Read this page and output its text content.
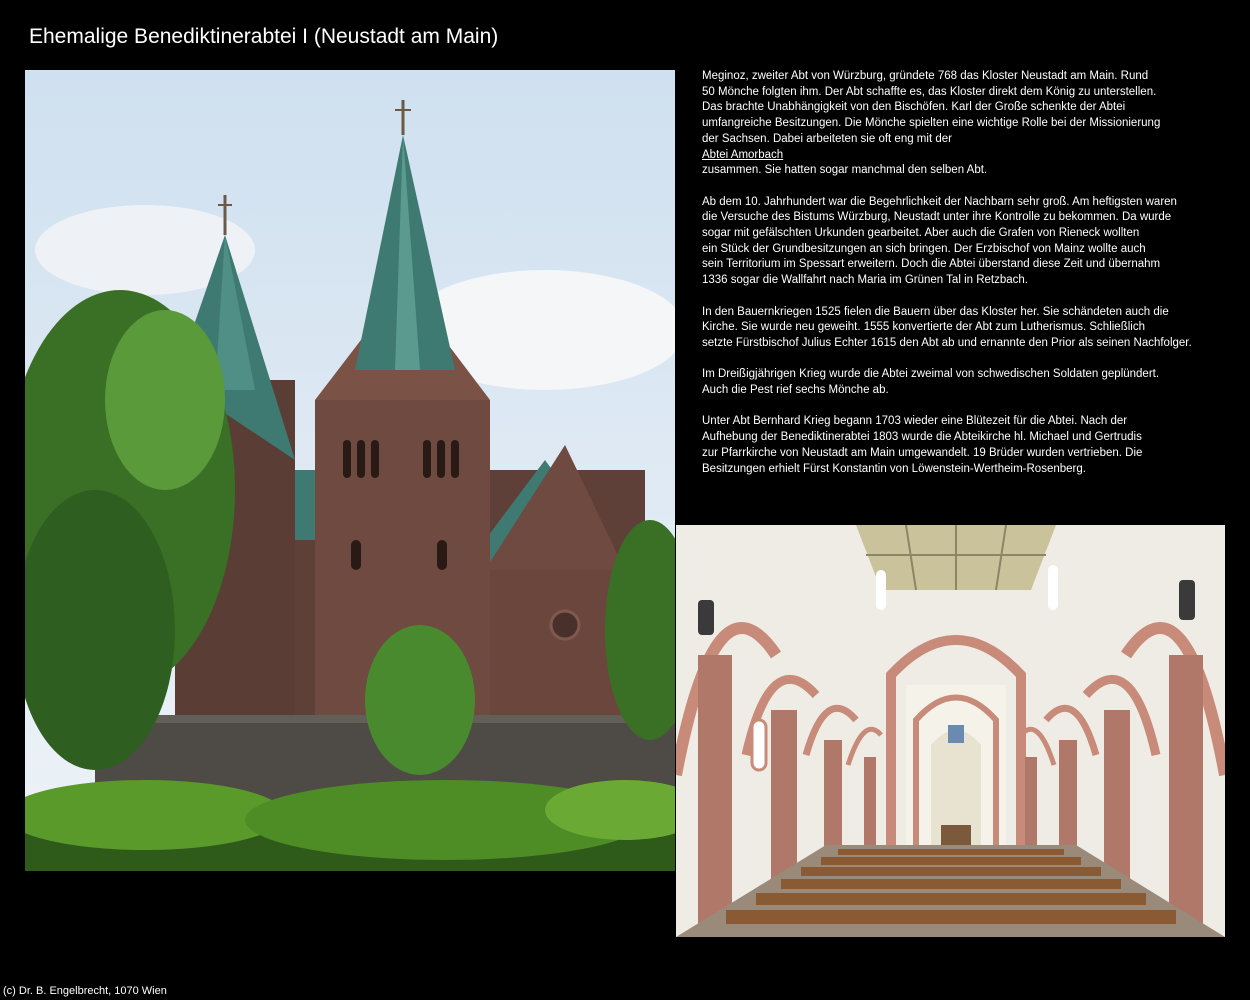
Ehemalige Benediktinerabtei I (Neustadt am Main)

Meginoz, zweiter Abt von Würzburg, gründete 768 das Kloster Neustadt am Main. Rund
50 Mönche folgten ihm. Der Abt schaffte es, das Kloster direkt dem König zu unterstellen.
Das brachte Unabhängigkeit von den Bischöfen. Karl der Große schenkte der Abtei
umfangreiche Besitzungen. Die Mönche spielten eine wichtige Rolle bei der Missionierung
der Sachsen. Dabei arbeiteten sie oft eng mit der
Abtei Amorbach
zusammen. Sie hatten sogar manchmal den selben Abt.

Ab dem 10. Jahrhundert war die Begehrlichkeit der Nachbarn sehr groß. Am heftigsten waren
die Versuche des Bistums Würzburg, Neustadt unter ihre Kontrolle zu bekommen. Da wurde
sogar mit gefälschten Urkunden gearbeitet. Aber auch die Grafen von Rieneck wollten
ein Stück der Grundbesitzungen an sich bringen. Der Erzbischof von Mainz wollte auch
sein Territorium im Spessart erweitern. Doch die Abtei überstand diese Zeit und übernahm
1336 sogar die Wallfahrt nach Maria im Grünen Tal in Retzbach.

In den Bauernkriegen 1525 fielen die Bauern über das Kloster her. Sie schändeten auch die
Kirche. Sie wurde neu geweiht. 1555 konvertierte der Abt zum Lutherismus. Schließlich
setzte Fürstbischof Julius Echter 1615 den Abt ab und ernannte den Prior als seinen Nachfolger.

Im Dreißigjährigen Krieg wurde die Abtei zweimal von schwedischen Soldaten geplündert.
Auch die Pest rief sechs Mönche ab.

Unter Abt Bernhard Krieg begann 1703 wieder eine Blütezeit für die Abtei. Nach der
Aufhebung der Benediktinerabtei 1803 wurde die Abteikirche hl. Michael und Gertrudis
zur Pfarrkirche von Neustadt am Main umgewandelt. 19 Brüder wurden vertrieben. Die
Besitzungen erhielt Fürst Konstantin von Löwenstein-Wertheim-Rosenberg.

(c) Dr. B. Engelbrecht, 1070 Wien
